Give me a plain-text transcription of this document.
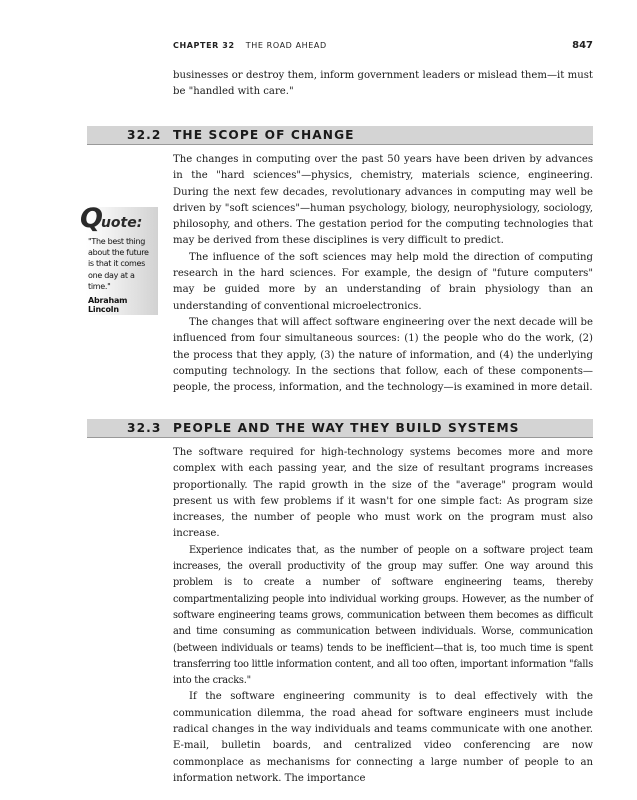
CHAPTER 32 THE ROAD AHEAD	847

businesses or destroy them, inform government leaders or mislead them—it must be "handled with care."

32.2 THE SCOPE OF CHANGE

The changes in computing over the past 50 years have been driven by advances in the "hard sciences"—physics, chemistry, materials science, engineering. During the next few decades, revolutionary advances in computing may well be driven by "soft sciences"—human psychology, biology, neurophysiology, sociology, philosophy, and others. The gestation period for the computing technologies that may be derived from these disciplines is very difficult to predict.

The influence of the soft sciences may help mold the direction of computing research in the hard sciences. For example, the design of "future computers" may be guided more by an understanding of brain physiology than an understanding of conventional microelectronics.

The changes that will affect software engineering over the next decade will be influenced from four simultaneous sources: (1) the people who do the work, (2) the process that they apply, (3) the nature of information, and (4) the underlying computing technology. In the sections that follow, each of these components—people, the process, information, and the technology—is examined in more detail.

Quote:
"The best thing about the future is that it comes one day at a time."
Abraham Lincoln
32.3 PEOPLE AND THE WAY THEY BUILD SYSTEMS

The software required for high-technology systems becomes more and more complex with each passing year, and the size of resultant programs increases proportionally. The rapid growth in the size of the "average" program would present us with few problems if it wasn't for one simple fact: As program size increases, the number of people who must work on the program must also increase.

Experience indicates that, as the number of people on a software project team increases, the overall productivity of the group may suffer. One way around this problem is to create a number of software engineering teams, thereby compartmentalizing people into individual working groups. However, as the number of software engineering teams grows, communication between them becomes as difficult and time consuming as communication between individuals. Worse, communication (between individuals or teams) tends to be inefficient—that is, too much time is spent transferring too little information content, and all too often, important information "falls into the cracks."

If the software engineering community is to deal effectively with the communication dilemma, the road ahead for software engineers must include radical changes in the way individuals and teams communicate with one another. E-mail, bulletin boards, and centralized video conferencing are now commonplace as mechanisms for connecting a large number of people to an information network. The importance
